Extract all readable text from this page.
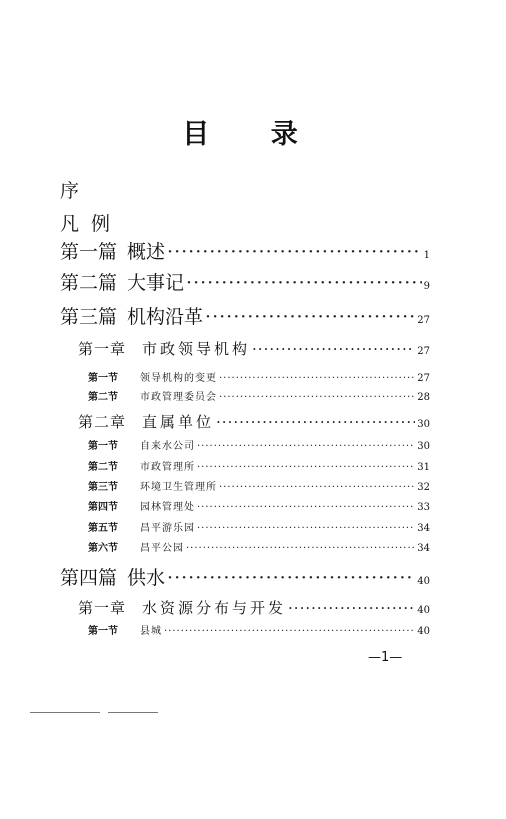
目 录
序
凡例
第一篇 概述 ·····	1
第二篇 大事记 ·····	9
第三篇 机构沿革 ·····	27
第一章 市政领导机构 ·····	27
第一节	领导机构的变更 ·····	27
第二节	市政管理委员会 ·····	28
第二章 直属单位 ·····	30
第一节	自来水公司 ·····	30
第二节	市政管理所 ·····	31
第三节	环境卫生管理所 ·····	32
第四节	园林管理处 ·····	33
第五节	昌平游乐园 ·····	34
第六节	昌平公园 ·····	34
第四篇 供水 ·····	40
第一章 水资源分布与开发 ·····	40
第一节	县城 ·····	40
—1—
